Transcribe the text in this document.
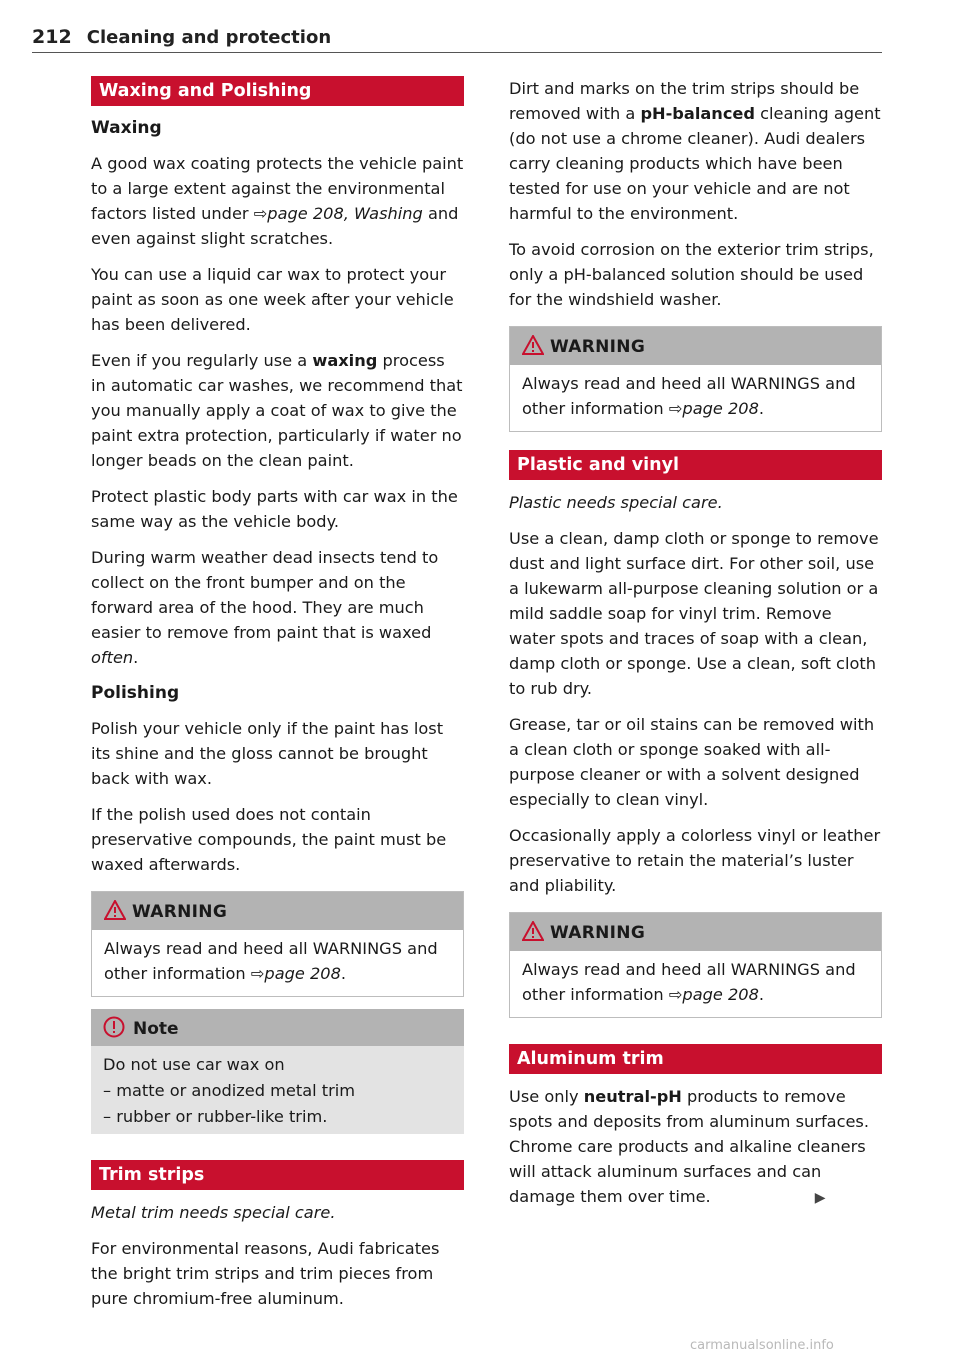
212 Cleaning and protection
Waxing and Polishing
Waxing

A good wax coating protects the vehicle paint to a large extent against the environmental factors listed under ⇨page 208, Washing and even against slight scratches.

You can use a liquid car wax to protect your paint as soon as one week after your vehicle has been delivered.

Even if you regularly use a waxing process in automatic car washes, we recommend that you manually apply a coat of wax to give the paint extra protection, particularly if water no longer beads on the clean paint.

Protect plastic body parts with car wax in the same way as the vehicle body.

During warm weather dead insects tend to collect on the front bumper and on the forward area of the hood. They are much easier to remove from paint that is waxed often.

Polishing

Polish your vehicle only if the paint has lost its shine and the gloss cannot be brought back with wax.

If the polish used does not contain preservative compounds, the paint must be waxed afterwards.

WARNING

Always read and heed all WARNINGS and other information ⇨page 208.

Note
Do not use car wax on
– matte or anodized metal trim
– rubber or rubber-like trim.
Trim strips

Metal trim needs special care.

For environmental reasons, Audi fabricates the bright trim strips and trim pieces from pure chromium-free aluminum.

Dirt and marks on the trim strips should be removed with a pH-balanced cleaning agent (do not use a chrome cleaner). Audi dealers carry cleaning products which have been tested for use on your vehicle and are not harmful to the environment.

To avoid corrosion on the exterior trim strips, only a pH-balanced solution should be used for the windshield washer.

WARNING

Always read and heed all WARNINGS and other information ⇨page 208.

Plastic and vinyl

Plastic needs special care.

Use a clean, damp cloth or sponge to remove dust and light surface dirt. For other soil, use a lukewarm all-purpose cleaning solution or a mild saddle soap for vinyl trim. Remove water spots and traces of soap with a clean, damp cloth or sponge. Use a clean, soft cloth to rub dry.

Grease, tar or oil stains can be removed with a clean cloth or sponge soaked with all-purpose cleaner or with a solvent designed especially to clean vinyl.

Occasionally apply a colorless vinyl or leather preservative to retain the material’s luster and pliability.

WARNING

Always read and heed all WARNINGS and other information ⇨page 208.

Aluminum trim

Use only neutral-pH products to remove spots and deposits from aluminum surfaces. Chrome care products and alkaline cleaners will attack aluminum surfaces and can damage them over time.	▶

carmanualsonline.info
